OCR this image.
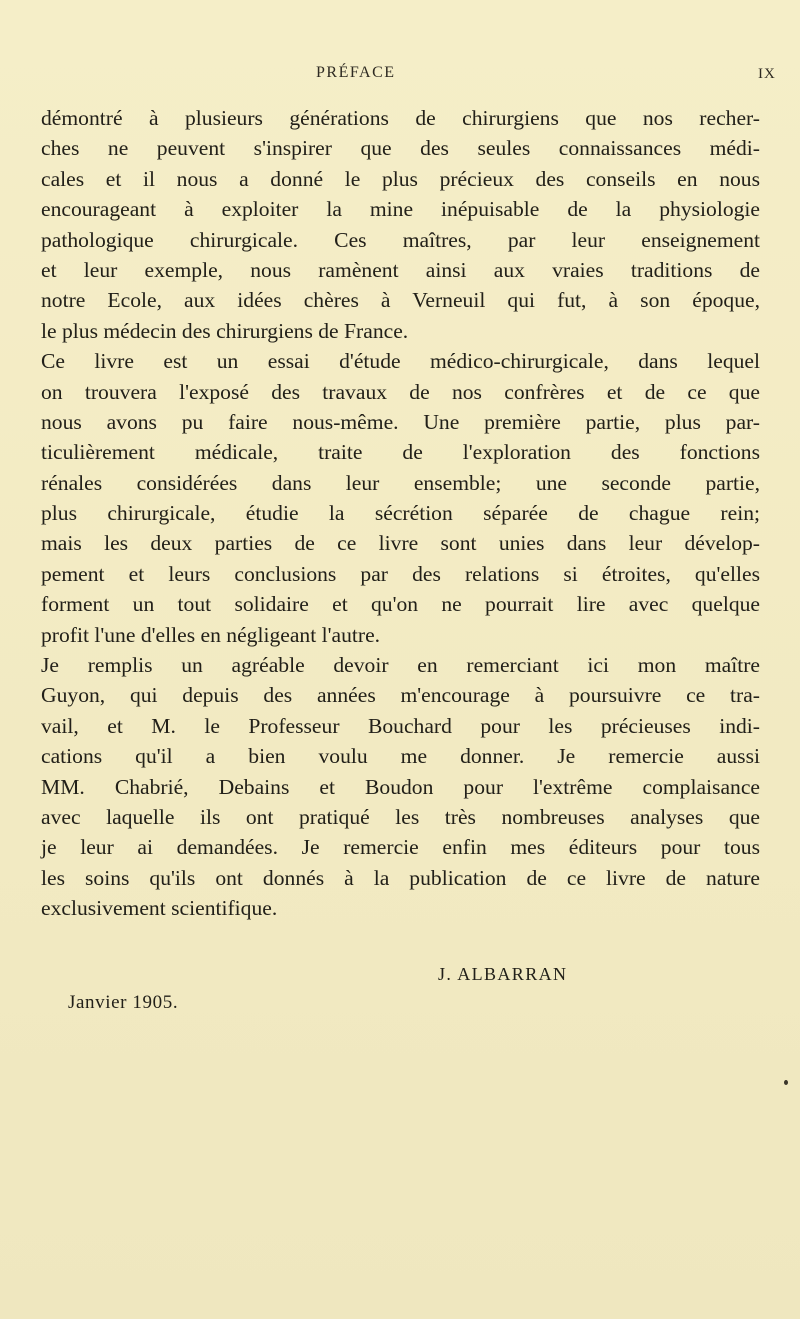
PRÉFACE	IX
démontré à plusieurs générations de chirurgiens que nos recher-
ches ne peuvent s'inspirer que des seules connaissances médi-
cales et il nous a donné le plus précieux des conseils en nous
encourageant à exploiter la mine inépuisable de la physiologie
pathologique chirurgicale. Ces maîtres, par leur enseignement
et leur exemple, nous ramènent ainsi aux vraies traditions de
notre Ecole, aux idées chères à Verneuil qui fut, à son époque,
le plus médecin des chirurgiens de France.
Ce livre est un essai d'étude médico-chirurgicale, dans lequel
on trouvera l'exposé des travaux de nos confrères et de ce que
nous avons pu faire nous-même. Une première partie, plus par-
ticulièrement médicale, traite de l'exploration des fonctions
rénales considérées dans leur ensemble; une seconde partie,
plus chirurgicale, étudie la sécrétion séparée de chague rein;
mais les deux parties de ce livre sont unies dans leur dévelop-
pement et leurs conclusions par des relations si étroites, qu'elles
forment un tout solidaire et qu'on ne pourrait lire avec quelque
profit l'une d'elles en négligeant l'autre.
Je remplis un agréable devoir en remerciant ici mon maître
Guyon, qui depuis des années m'encourage à poursuivre ce tra-
vail, et M. le Professeur Bouchard pour les précieuses indi-
cations qu'il a bien voulu me donner. Je remercie aussi
MM. Chabrié, Debains et Boudon pour l'extrême complaisance
avec laquelle ils ont pratiqué les très nombreuses analyses que
je leur ai demandées. Je remercie enfin mes éditeurs pour tous
les soins qu'ils ont donnés à la publication de ce livre de nature
exclusivement scientifique.
J. ALBARRAN
Janvier 1905.
